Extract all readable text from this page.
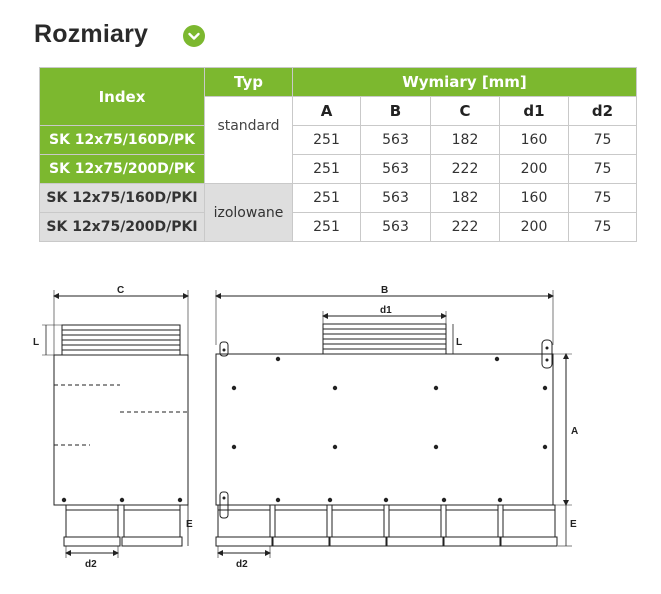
Rozmiary
Index	Typ	Wymiary [mm]				
	standard	A	B	C	d1	d2
SK 12x75/160D/PK		251	563	182	160	75
SK 12x75/200D/PK		251	563	222	200	75
SK 12x75/160D/PKI	izolowane	251	563	182	160	75
SK 12x75/200D/PKI		251	563	222	200	75
C
L
E
d2
B
d1
L
A
E
d2
